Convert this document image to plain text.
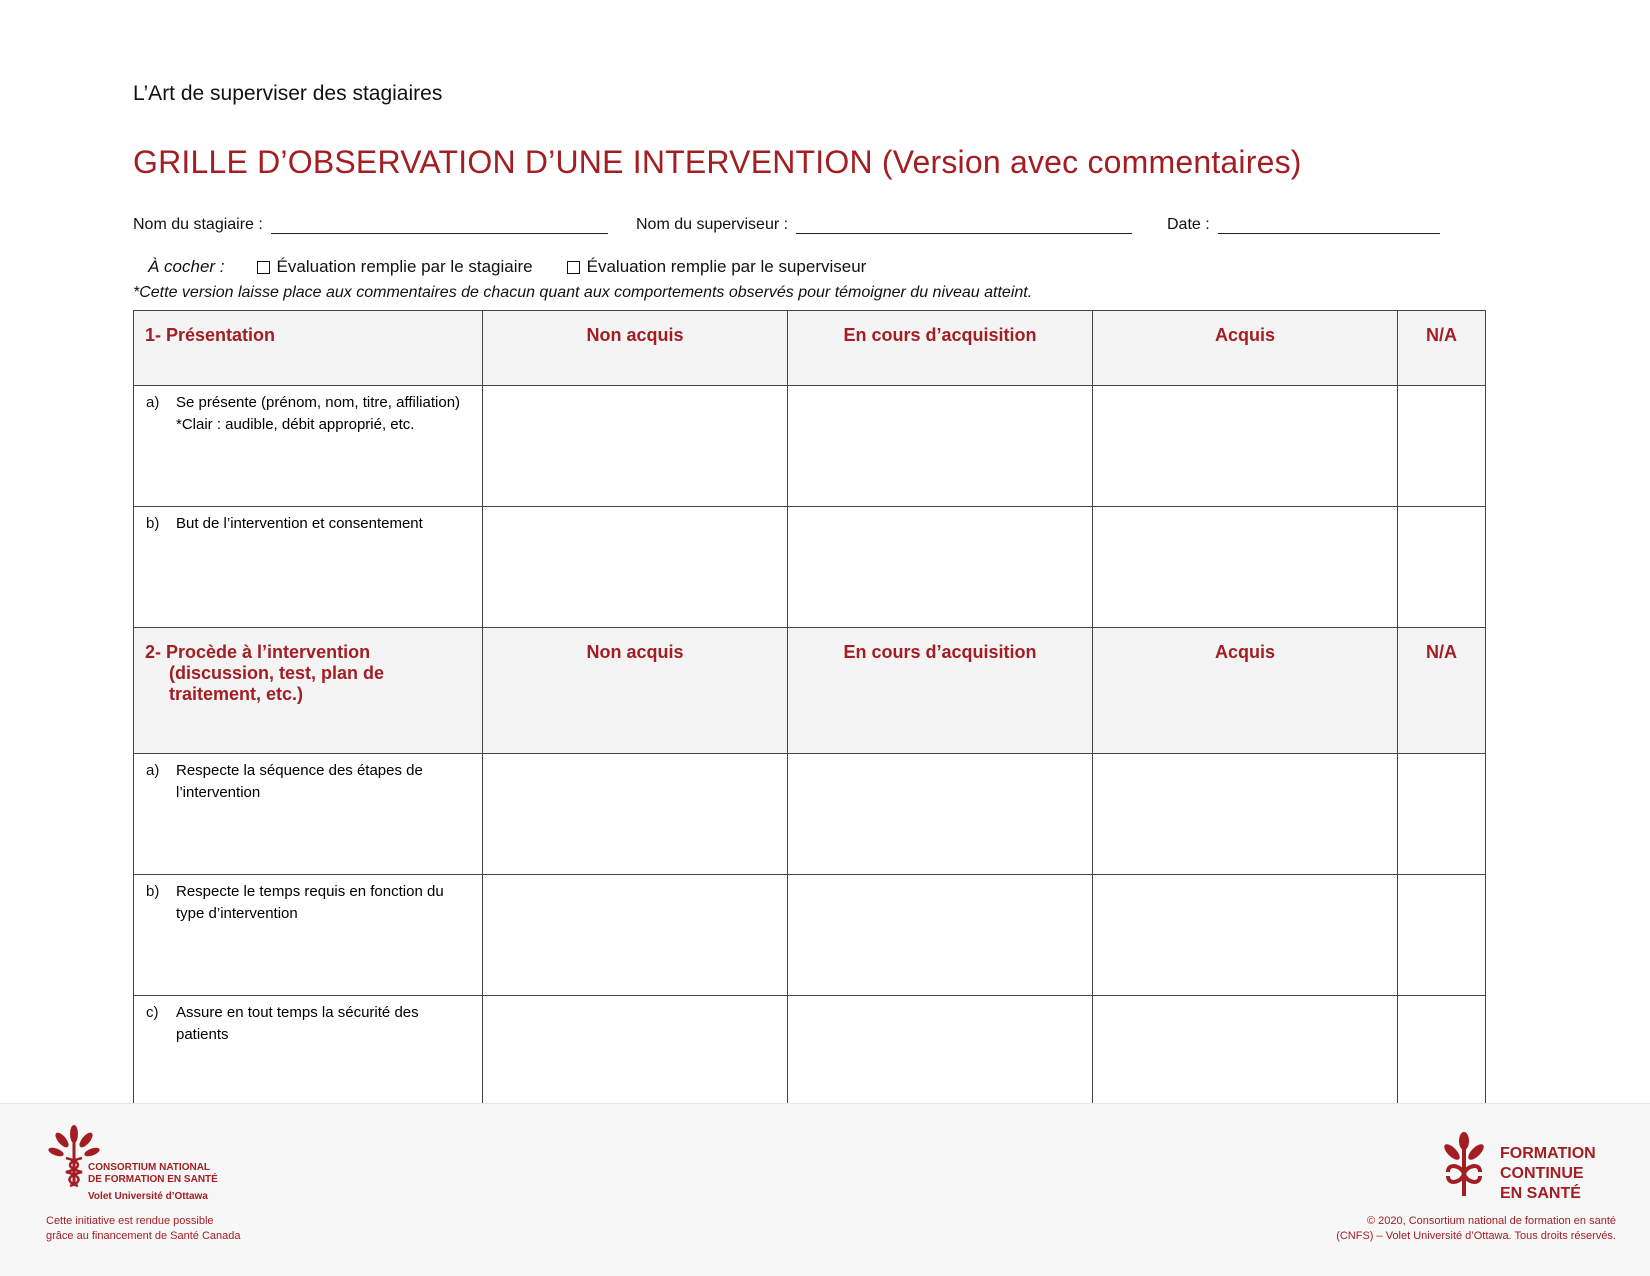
L’Art de superviser des stagiaires
GRILLE D’OBSERVATION D’UNE INTERVENTION (Version avec commentaires)
Nom du stagiaire :	Nom du superviseur :	Date :
À cocher :	Évaluation remplie par le stagiaire	Évaluation remplie par le superviseur
*Cette version laisse place aux commentaires de chacun quant aux comportements observés pour témoigner du niveau atteint.
1- Présentation	Non acquis	En cours d’acquisition	Acquis	N/A

a) Se présente (prénom, nom, titre, affiliation)
*Clair : audible, débit approprié, etc.				

b) But de l’intervention et consentement				

2- Procède à l’intervention
(discussion, test, plan de
traitement, etc.)	Non acquis	En cours d’acquisition	Acquis	N/A

a) Respecte la séquence des étapes de
l’intervention				

b) Respecte le temps requis en fonction du
type d’intervention				

c) Assure en tout temps la sécurité des
patients				

CONSORTIUM NATIONAL
DE FORMATION EN SANTÉ
Volet Université d’Ottawa
Cette initiative est rendue possible
grâce au financement de Santé Canada
FORMATION
CONTINUE
EN SANTÉ
© 2020, Consortium national de formation en santé
(CNFS) – Volet Université d’Ottawa. Tous droits réservés.
